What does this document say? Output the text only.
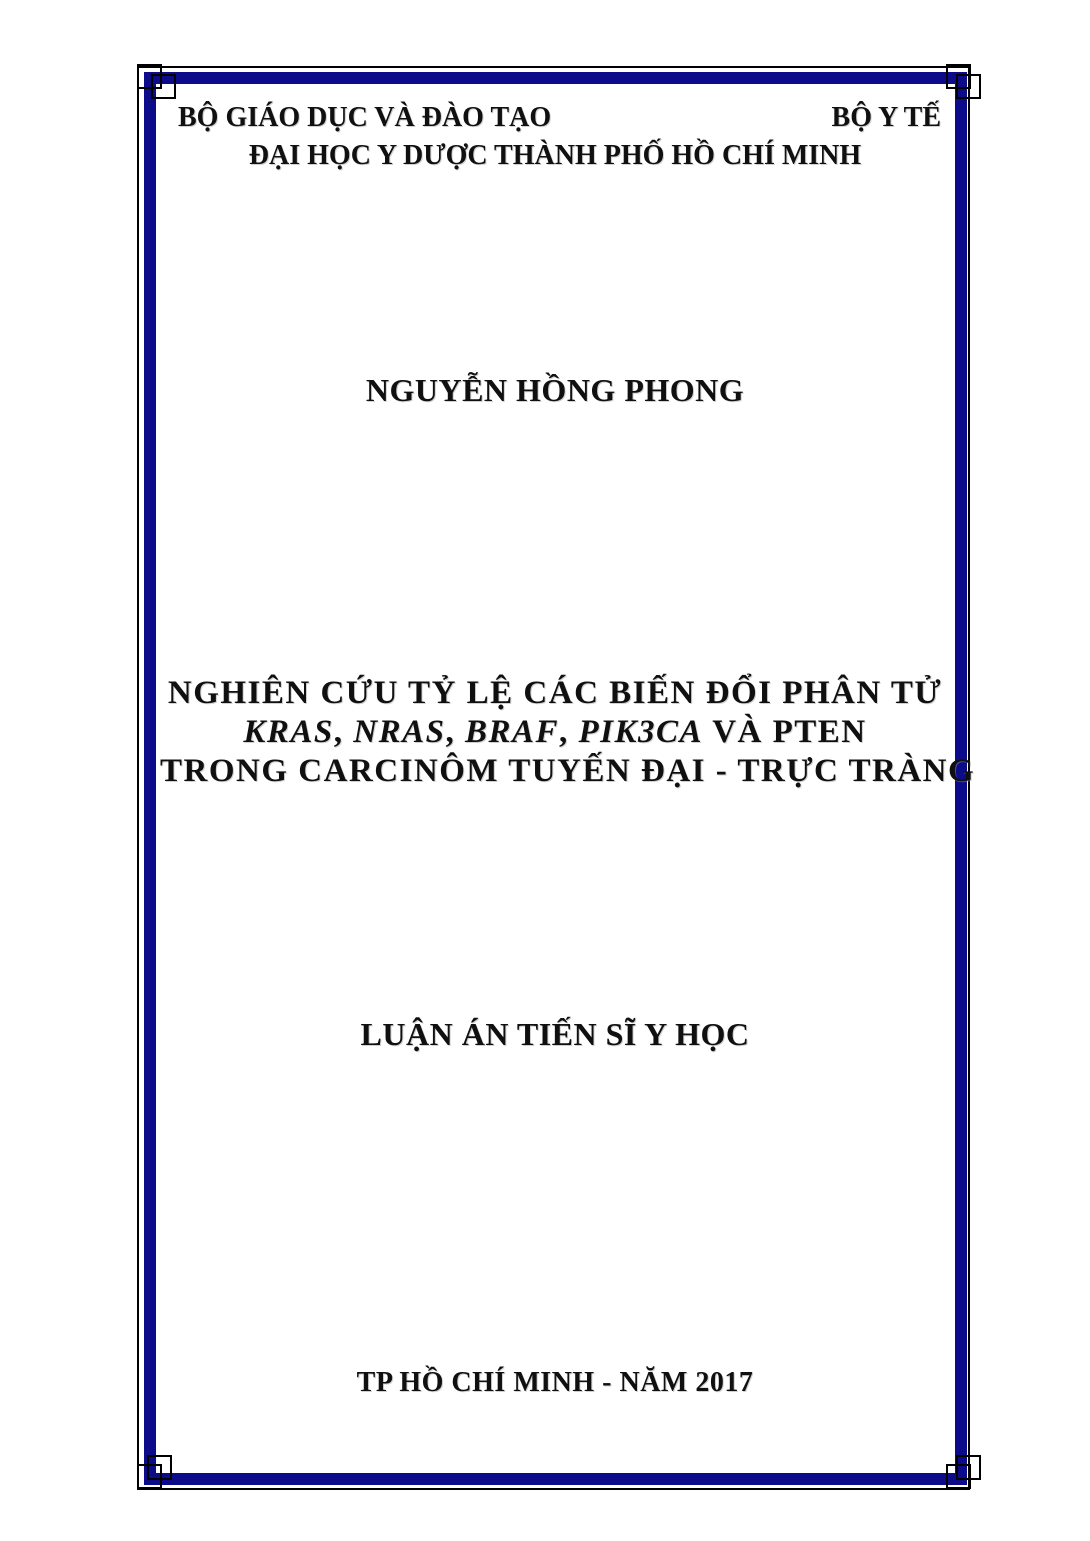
BỘ GIÁO DỤC VÀ ĐÀO TẠO	BỘ Y TẾ
ĐẠI HỌC Y DƯỢC THÀNH PHỐ HỒ CHÍ MINH
NGUYỄN HỒNG PHONG
NGHIÊN CỨU TỶ LỆ CÁC BIẾN ĐỔI PHÂN TỬ
KRAS, NRAS, BRAF, PIK3CA VÀ PTEN
TRONG CARCINÔM TUYẾN ĐẠI - TRỰC TRÀNG
LUẬN ÁN TIẾN SĨ Y HỌC
TP HỒ CHÍ MINH - NĂM 2017
